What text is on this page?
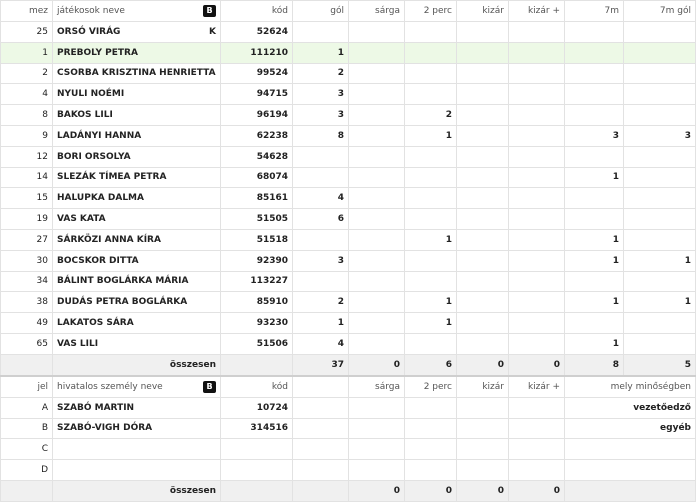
mez	játékosok neve B	kód	gól	sárga	2 perc	kizár	kizár +	7m	7m gól
25	ORSÓ VIRÁG K	52624							
1	PREBOLY PETRA	111210	1						
2	CSORBA KRISZTINA HENRIETTA	99524	2						
4	NYULI NOÉMI	94715	3						
8	BAKOS LILI	96194	3		2				
9	LADÁNYI HANNA	62238	8		1			3	3
12	BORI ORSOLYA	54628							
14	SLEZÁK TÍMEA PETRA	68074						1	
15	HALUPKA DALMA	85161	4						
19	VAS KATA	51505	6						
27	SÁRKÖZI ANNA KÍRA	51518			1			1	
30	BOCSKOR DITTA	92390	3					1	1
34	BÁLINT BOGLÁRKA MÁRIA	113227							
38	DUDÁS PETRA BOGLÁRKA	85910	2		1			1	1
49	LAKATOS SÁRA	93230	1		1				
65	VAS LILI	51506	4					1	
	összesen		37	0	6	0	0	8	5
jel	hivatalos személy neve B	kód		sárga	2 perc	kizár	kizár +	mely minőségben	
A	SZABÓ MARTIN	10724						vezetőedző	
B	SZABÓ-VIGH DÓRA	314516						egyéb	
C									
D									
	összesen			0	0	0	0		
